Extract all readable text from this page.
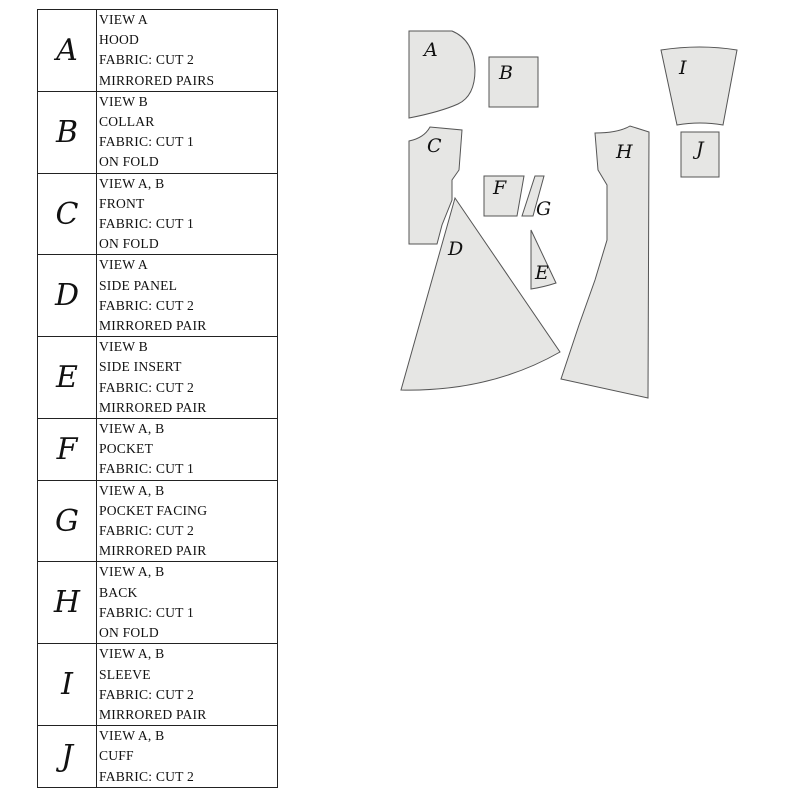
A	VIEW A
HOOD
FABRIC: CUT 2
MIRRORED PAIRS

B	VIEW B
COLLAR
FABRIC: CUT 1
ON FOLD

C	VIEW A, B
FRONT
FABRIC: CUT 1
ON FOLD

D	VIEW A
SIDE PANEL
FABRIC: CUT 2
MIRRORED PAIR

E	VIEW B
SIDE INSERT
FABRIC: CUT 2
MIRRORED PAIR

F	VIEW A, B
POCKET
FABRIC: CUT 1

G	VIEW A, B
POCKET FACING
FABRIC: CUT 2
MIRRORED PAIR

H	VIEW A, B
BACK
FABRIC: CUT 1
ON FOLD

I	VIEW A, B
SLEEVE
FABRIC: CUT 2
MIRRORED PAIR

J	VIEW A, B
CUFF
FABRIC: CUT 2
A
B
C
F
G
D
E
H
I
J
